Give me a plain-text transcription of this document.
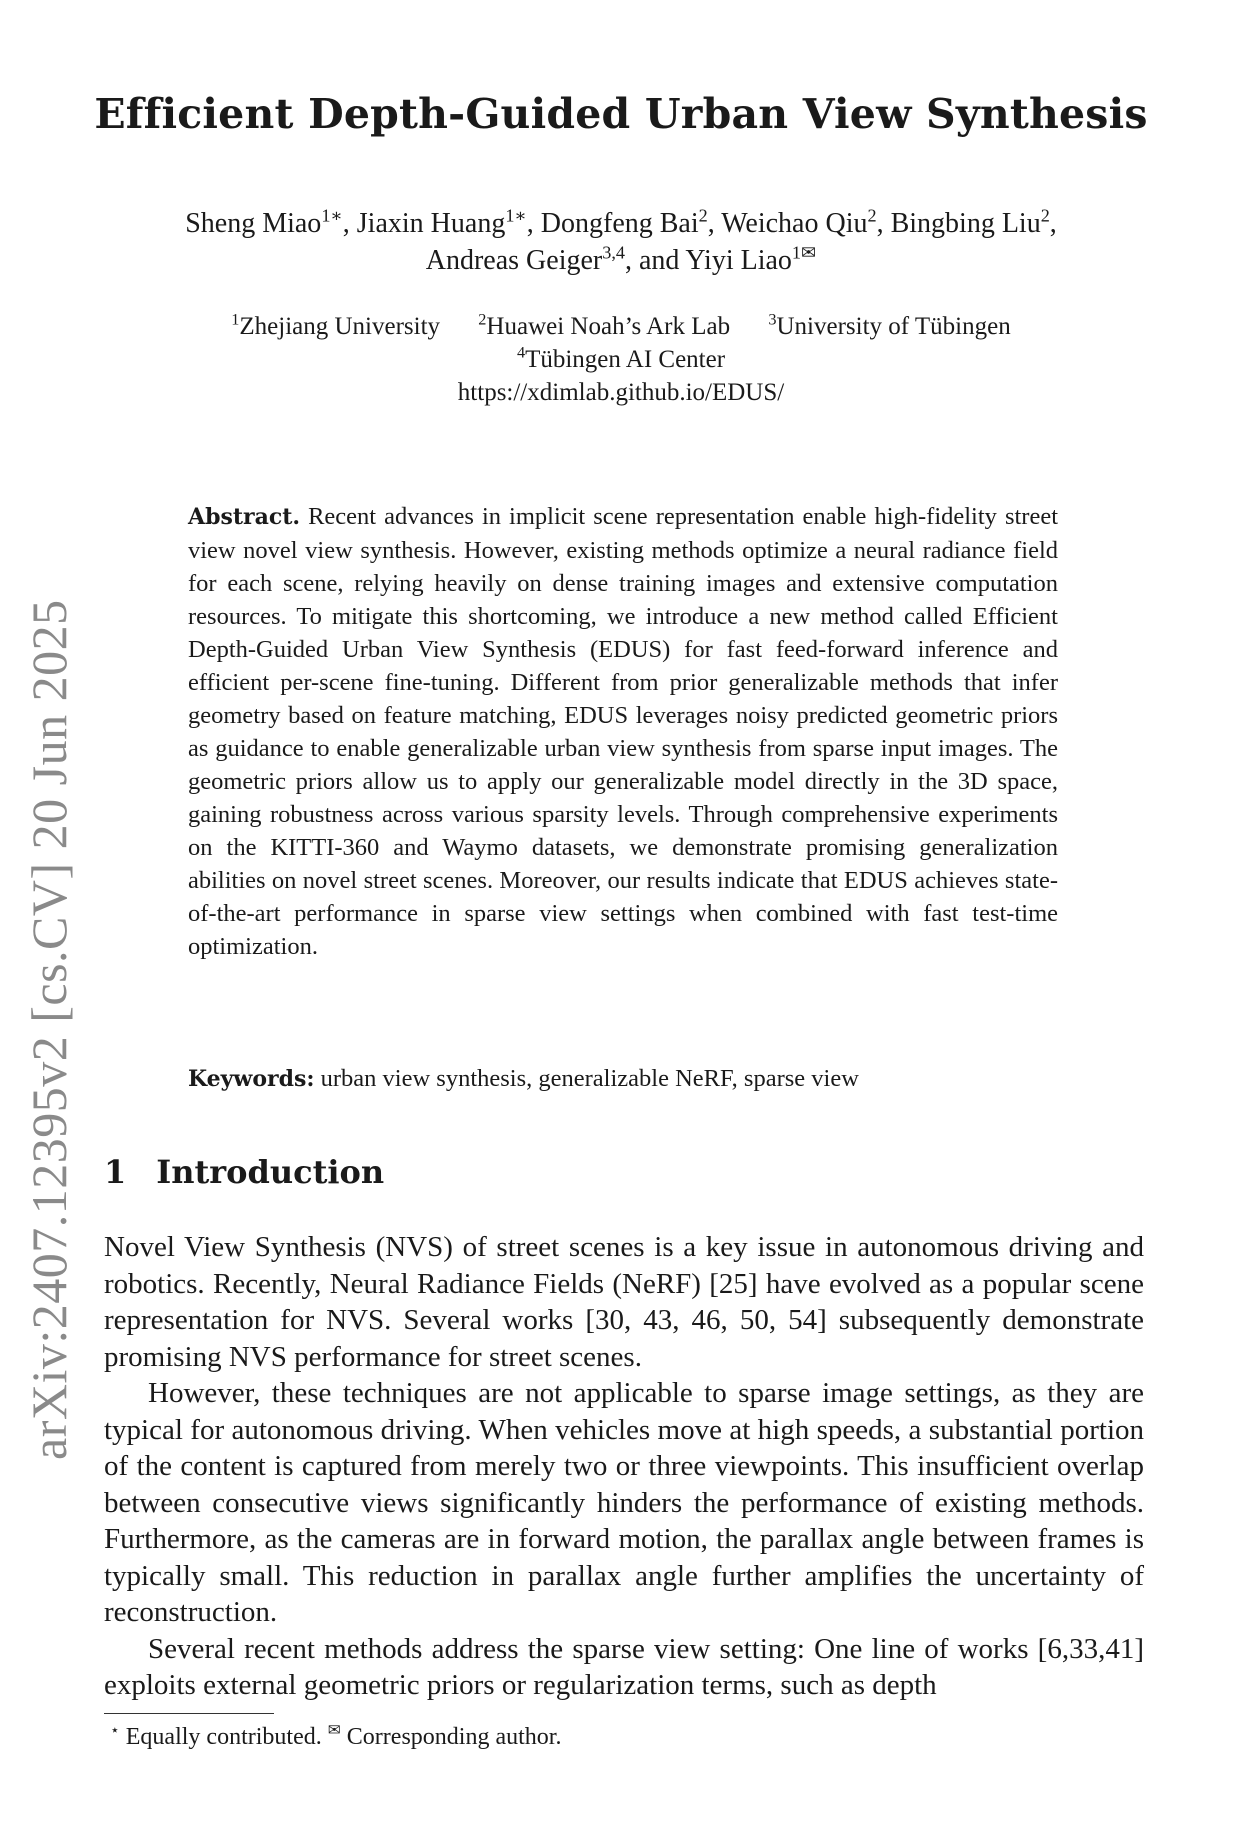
arXiv:2407.12395v2 [cs.CV] 20 Jun 2025
Efficient Depth-Guided Urban View Synthesis
Sheng Miao$^{1∗}$, Jiaxin Huang$^{1∗}$, Dongfeng Bai$^2$, Weichao Qiu$^2$, Bingbing Liu$^2$,
Andreas Geiger$^{3,4}$, and Yiyi Liao$^{1✉}$
$^1$Zhejiang University $^2$Huawei Noah’s Ark Lab $^3$University of Tübingen
$^4$Tübingen AI Center
https://xdimlab.github.io/EDUS/
Abstract. Recent advances in implicit scene representation enable high-fidelity street view novel view synthesis. However, existing methods optimize a neural radiance field for each scene, relying heavily on dense training images and extensive computation resources. To mitigate this shortcoming, we introduce a new method called Efficient Depth-Guided Urban View Synthesis (EDUS) for fast feed-forward inference and efficient per-scene fine-tuning. Different from prior generalizable methods that infer geometry based on feature matching, EDUS leverages noisy predicted geometric priors as guidance to enable generalizable urban view synthesis from sparse input images. The geometric priors allow us to apply our generalizable model directly in the 3D space, gaining robustness across various sparsity levels. Through comprehensive experiments on the KITTI-360 and Waymo datasets, we demonstrate promising generalization abilities on novel street scenes. Moreover, our results indicate that EDUS achieves state-of-the-art performance in sparse view settings when combined with fast test-time optimization.
Keywords: urban view synthesis, generalizable NeRF, sparse view
1 Introduction

Novel View Synthesis (NVS) of street scenes is a key issue in autonomous driving and robotics. Recently, Neural Radiance Fields (NeRF) [25] have evolved as a popular scene representation for NVS. Several works [30, 43, 46, 50, 54] subsequently demonstrate promising NVS performance for street scenes.

However, these techniques are not applicable to sparse image settings, as they are typical for autonomous driving. When vehicles move at high speeds, a substantial portion of the content is captured from merely two or three viewpoints. This insufficient overlap between consecutive views significantly hinders the performance of existing methods. Furthermore, as the cameras are in forward motion, the parallax angle between frames is typically small. This reduction in parallax angle further amplifies the uncertainty of reconstruction.

Several recent methods address the sparse view setting: One line of works [6,33,41] exploits external geometric priors or regularization terms, such as depth

⋆ Equally contributed. ✉ Corresponding author.
